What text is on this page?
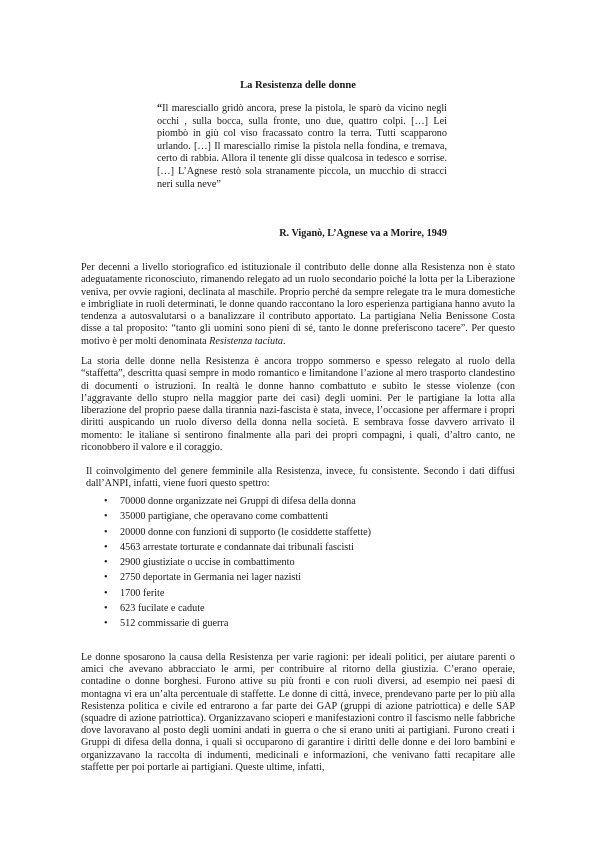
La Resistenza delle donne
“Il maresciallo gridò ancora, prese la pistola, le sparò da vicino negli occhi , sulla bocca, sulla fronte, uno due, quattro colpi. […] Lei piombò in giù col viso fracassato contro la terra. Tutti scapparono urlando. […] Il maresciallo rimise la pistola nella fondina, e tremava, certo di rabbia. Allora il tenente gli disse qualcosa in tedesco e sorrise. […] L’Agnese restò sola stranamente piccola, un mucchio di stracci neri sulla neve”
R. Viganò, L’Agnese va a Morire, 1949
Per decenni a livello storiografico ed istituzionale il contributo delle donne alla Resistenza non è stato adeguatamente riconosciuto, rimanendo relegato ad un ruolo secondario poiché la lotta per la Liberazione veniva, per ovvie ragioni, declinata al maschile. Proprio perché da sempre relegate tra le mura domestiche e imbrigliate in ruoli determinati, le donne quando raccontano la loro esperienza partigiana hanno avuto la tendenza a autosvalutarsi o a banalizzare il contributo apportato. La partigiana Nelia Benissone Costa disse a tal proposito: “tanto gli uomini sono pieni di sé, tanto le donne preferiscono tacere”. Per questo motivo è per molti denominata Resistenza taciuta.
La storia delle donne nella Resistenza è ancora troppo sommerso e spesso relegato al ruolo della “staffetta”, descritta quasi sempre in modo romantico e limitandone l’azione al mero trasporto clandestino di documenti o istruzioni. In realtà le donne hanno combattuto e subito le stesse violenze (con l’aggravante dello stupro nella maggior parte dei casi) degli uomini. Per le partigiane la lotta alla liberazione del proprio paese dalla tirannia nazi-fascista è stata, invece, l’occasione per affermare i propri diritti auspicando un ruolo diverso della donna nella società. E sembrava fosse davvero arrivato il momento: le italiane si sentirono finalmente alla pari dei propri compagni, i quali, d’altro canto, ne riconobbero il valore e il coraggio.
Il coinvolgimento del genere femminile alla Resistenza, invece, fu consistente. Secondo i dati diffusi dall’ANPI, infatti, viene fuori questo spettro:
• 70000 donne organizzate nei Gruppi di difesa della donna
• 35000 partigiane, che operavano come combattenti
• 20000 donne con funzioni di supporto (le cosiddette staffette)
• 4563 arrestate torturate e condannate dai tribunali fascisti
• 2900 giustiziate o uccise in combattimento
• 2750 deportate in Germania nei lager nazisti
• 1700 ferite
• 623 fucilate e cadute
• 512 commissarie di guerra
Le donne sposarono la causa della Resistenza per varie ragioni: per ideali politici, per aiutare parenti o amici che avevano abbracciato le armi, per contribuire al ritorno della giustizia. C’erano operaie, contadine o donne borghesi. Furono attive su più fronti e con ruoli diversi, ad esempio nei paesi di montagna vi era un’alta percentuale di staffette. Le donne di città, invece, prendevano parte per lo più alla Resistenza politica e civile ed entrarono a far parte dei GAP (gruppi di azione patriottica) e delle SAP (squadre di azione patriottica). Organizzavano scioperi e manifestazioni contro il fascismo nelle fabbriche dove lavoravano al posto degli uomini andati in guerra o che si erano uniti ai partigiani. Furono creati i Gruppi di difesa della donna, i quali si occuparono di garantire i diritti delle donne e dei loro bambini e organizzavano la raccolta di indumenti, medicinali e informazioni, che venivano fatti recapitare alle staffette per poi portarle ai partigiani. Queste ultime, infatti,
